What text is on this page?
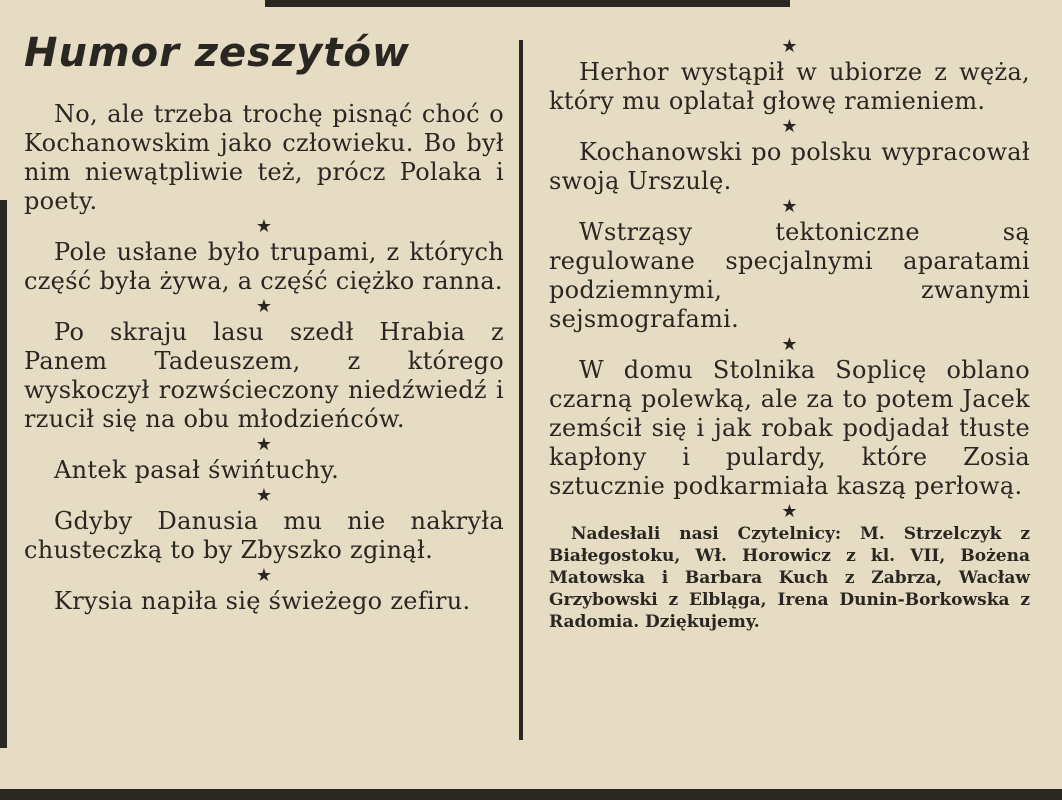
Humor zeszytów

No, ale trzeba trochę pisnąć choć o Kochanowskim jako człowieku. Bo był nim niewątpliwie też, prócz Polaka i poety.

★

Pole usłane było trupami, z których część była żywa, a część ciężko ranna.

★

Po skraju lasu szedł Hrabia z Panem Tadeuszem, z którego wyskoczył rozwścieczony niedźwiedź i rzucił się na obu młodzieńców.

★

Antek pasał świńtuchy.

★

Gdyby Danusia mu nie nakryła chusteczką to by Zbyszko zginął.

★

Krysia napiła się świeżego zefiru.

★

Herhor wystąpił w ubiorze z węża, który mu oplatał głowę ramieniem.

★

Kochanowski po polsku wypracował swoją Urszulę.

★

Wstrząsy tektoniczne są regulowane specjalnymi aparatami podziemnymi, zwanymi sejsmografami.

★

W domu Stolnika Soplicę oblano czarną polewką, ale za to potem Jacek zemścił się i jak robak podjadał tłuste kapłony i pulardy, które Zosia sztucznie podkarmiała kaszą perłową.

★

Nadesłali nasi Czytelnicy: M. Strzelczyk z Białegostoku, Wł. Horowicz z kl. VII, Bożena Matowska i Barbara Kuch z Zabrza, Wacław Grzybowski z Elbląga, Irena Dunin-Borkowska z Radomia. Dziękujemy.
